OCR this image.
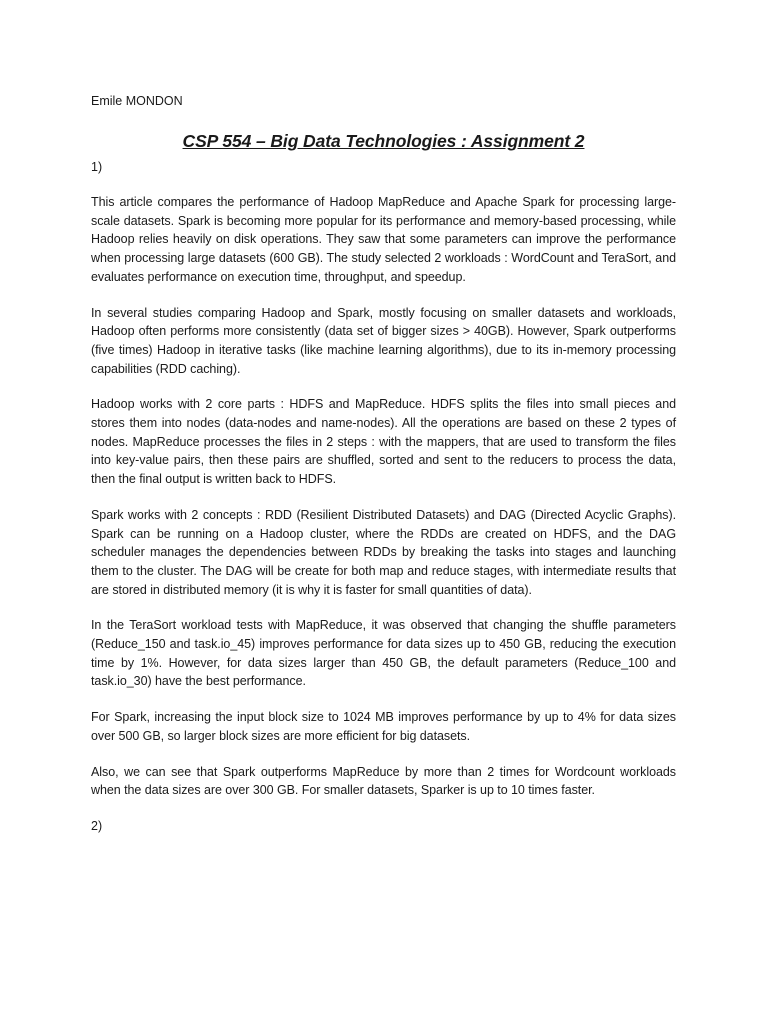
Emile MONDON

CSP 554 – Big Data Technologies : Assignment 2

1)

This article compares the performance of Hadoop MapReduce and Apache Spark for processing large-scale datasets. Spark is becoming more popular for its performance and memory-based processing, while Hadoop relies heavily on disk operations. They saw that some parameters can improve the performance when processing large datasets (600 GB). The study selected 2 workloads : WordCount and TeraSort, and evaluates performance on execution time, throughput, and speedup.

In several studies comparing Hadoop and Spark, mostly focusing on smaller datasets and workloads, Hadoop often performs more consistently (data set of bigger sizes > 40GB). However, Spark outperforms (five times) Hadoop in iterative tasks (like machine learning algorithms), due to its in-memory processing capabilities (RDD caching).

Hadoop works with 2 core parts : HDFS and MapReduce. HDFS splits the files into small pieces and stores them into nodes (data-nodes and name-nodes). All the operations are based on these 2 types of nodes. MapReduce processes the files in 2 steps : with the mappers, that are used to transform the files into key-value pairs, then these pairs are shuffled, sorted and sent to the reducers to process the data, then the final output is written back to HDFS.

Spark works with 2 concepts : RDD (Resilient Distributed Datasets) and DAG (Directed Acyclic Graphs). Spark can be running on a Hadoop cluster, where the RDDs are created on HDFS, and the DAG scheduler manages the dependencies between RDDs by breaking the tasks into stages and launching them to the cluster. The DAG will be create for both map and reduce stages, with intermediate results that are stored in distributed memory (it is why it is faster for small quantities of data).

In the TeraSort workload tests with MapReduce, it was observed that changing the shuffle parameters (Reduce_150 and task.io_45) improves performance for data sizes up to 450 GB, reducing the execution time by 1%. However, for data sizes larger than 450 GB, the default parameters (Reduce_100 and task.io_30) have the best performance.

For Spark, increasing the input block size to 1024 MB improves performance by up to 4% for data sizes over 500 GB, so larger block sizes are more efficient for big datasets.

Also, we can see that Spark outperforms MapReduce by more than 2 times for Wordcount workloads when the data sizes are over 300 GB. For smaller datasets, Sparker is up to 10 times faster.

2)
